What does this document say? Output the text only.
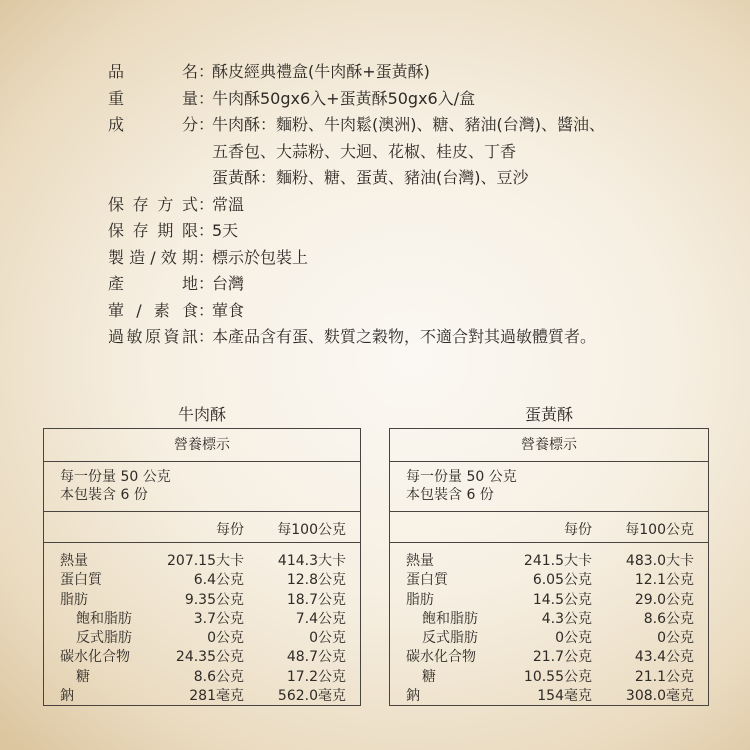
品	名 ：
酥皮經典禮盒(牛肉酥+蛋黃酥)
重	量 ：
牛肉酥50gx6入+蛋黃酥50gx6入/盒
成	分 ：
牛肉酥：麵粉、牛肉鬆(澳洲)、糖、豬油(台灣)、醬油、
五香包、大蒜粉、大迴、花椒、桂皮、丁香
蛋黃酥：麵粉、糖、蛋黃、豬油(台灣)、豆沙
保 存 方 式 ：
常溫
保 存 期 限 ：
5天
製 造 / 效 期 ：
標示於包裝上
產	地 ：
台灣
葷 / 素 食 ：
葷食
過 敏 原 資 訊 ：
本產品含有蛋、麩質之穀物，不適合對其過敏體質者。
牛肉酥
營養標示
每一份量 50 公克
本包裝含 6 份
每份 每100公克
熱量	207.15大卡 414.3大卡
蛋白質	6.4公克	12.8公克
脂肪	9.35公克	18.7公克
飽和脂肪	3.7公克	7.4公克
反式脂肪	0公克	0公克
碳水化合物	24.35公克	48.7公克
糖	8.6公克	17.2公克
鈉	281毫克 562.0毫克
蛋黃酥
營養標示
每一份量 50 公克
本包裝含 6 份
每份 每100公克
熱量	241.5大卡 483.0大卡
蛋白質	6.05公克	12.1公克
脂肪	14.5公克	29.0公克
飽和脂肪	4.3公克	8.6公克
反式脂肪	0公克	0公克
碳水化合物	21.7公克	43.4公克
糖	10.55公克	21.1公克
鈉	154毫克 308.0毫克
